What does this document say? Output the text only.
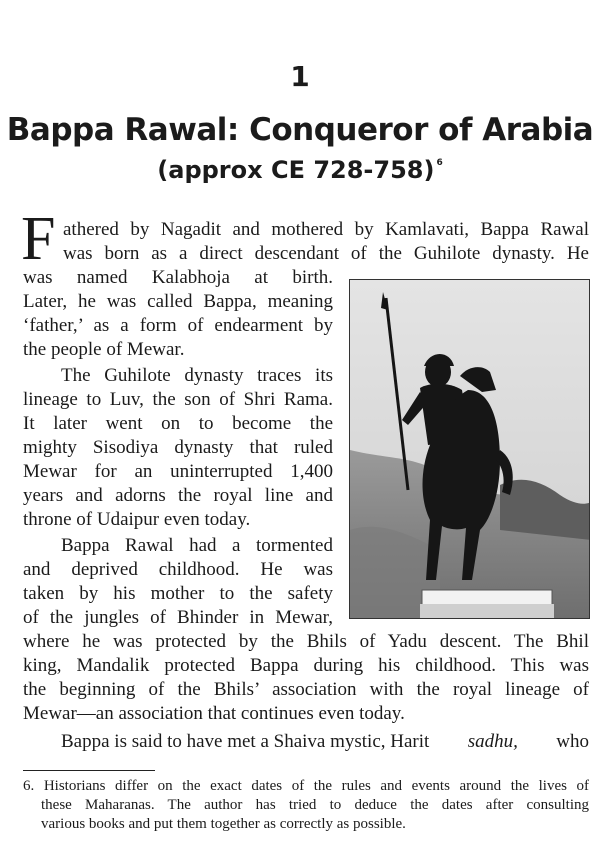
1
Bappa Rawal: Conqueror of Arabia
(approx CE 728-758) $^6$
F athered by Nagadit and mothered by Kamlavati, Bappa Rawal
was born as a direct descendant of the Guhilote dynasty. He
was named Kalabhoja at birth.
Later, he was called Bappa, meaning
‘father,’ as a form of endearment by
the people of Mewar.
The Guhilote dynasty traces its
lineage to Luv, the son of Shri Rama.
It later went on to become the
mighty Sisodiya dynasty that ruled
Mewar for an uninterrupted 1,400
years and adorns the royal line and
throne of Udaipur even today.
Bappa Rawal had a tormented
and deprived childhood. He was
taken by his mother to the safety
of the jungles of Bhinder in Mewar,
where he was protected by the Bhils of Yadu descent. The Bhil
king, Mandalik protected Bappa during his childhood. This was
the beginning of the Bhils’ association with the royal lineage of
Mewar—an association that continues even today.
Bappa is said to have met a Shaiva mystic, Harit sadhu, who
6. Historians differ on the exact dates of the rules and events around the lives of
these Maharanas. The author has tried to deduce the dates after consulting
various books and put them together as correctly as possible.
